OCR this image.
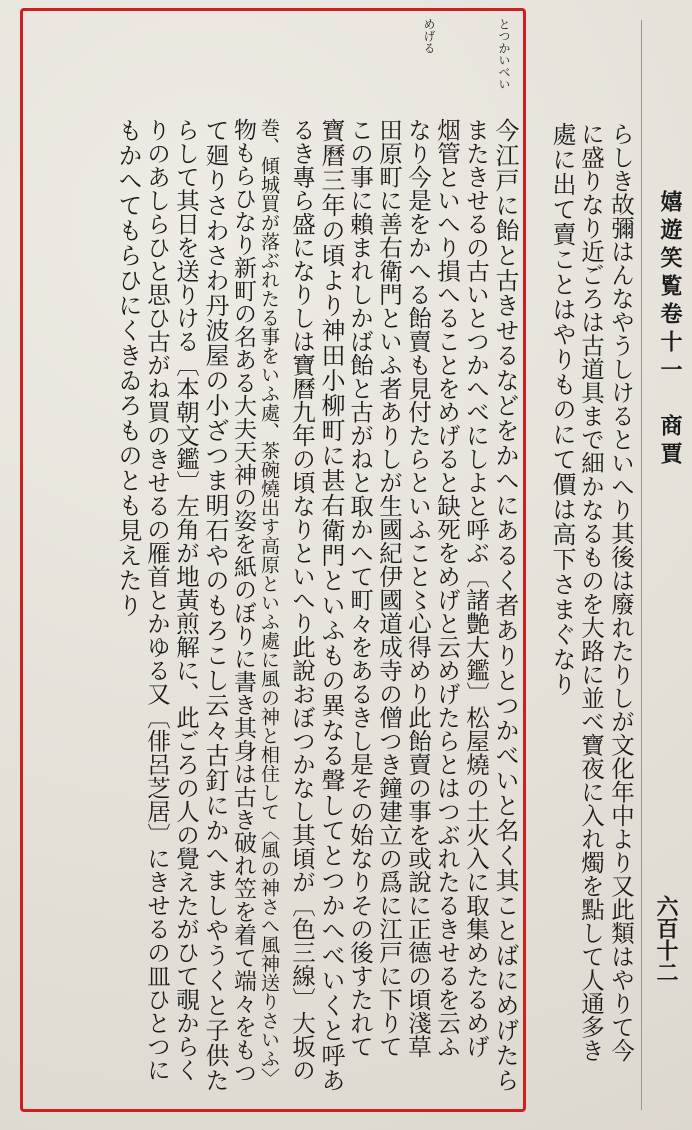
嬉遊笑覧卷十一　商賈
六百十二
とつかいべい
めげる
らしき故彌はんなやうしけるといへり其後は廢れたりしが文化年中より又此類はやりて今
に盛りなり近ごろは古道具まで細かなるものを大路に並べ寶夜に入れ燭を點して人通多き
處に出て賣ことはやりものにて價は高下さまぐなり
今江戸に飴と古きせるなどをかへにあるく者ありとつかべいと名く其ことばにめげたら
またきせるの古いとつかへべにしよと呼ぶ〔諸艶大鑑〕松屋燒の土火入に取集めたるめげ
烟管といへり損へることをめげると缺死をめげと云めげたらとはつぶれたるきせるを云ふ
なり今是をかへる飴賣も見付たらといふこと〻心得めり此飴賣の事を或說に正德の頃淺草
田原町に善右衛門といふ者ありしが生國紀伊國道成寺の僧つき鐘建立の爲に江戸に下りて
この事に賴まれしかば飴と古がねと取かへて町々をあるきし是その始なりその後すたれて
寶曆三年の頃より神田小柳町に甚右衛門といふもの異なる聲してとつかへべいくと呼あ
るき專ら盛になりしは寶曆九年の頃なりといへり此說おぼつかなし其頃が〔色三線〕大坂の
巻、傾城買が落ぶれたる事をいふ處、茶碗燒出す高原といふ處に風の神と相住して〈風の神さへ風神送りさいふ〉
物もらひなり新町の名ある大夫天神の姿を紙のぼりに書き其身は古き破れ笠を着て端々をもつ
て廻りさわさわ丹波屋の小ざつま明石やのもろこし云々古釘にかへましやうくと子供た
らして其日を送りける〔本朝文鑑〕左角が地黃煎解に、此ごろの人の覺えたがひて覗からく
りのあしらひと思ひ古がね買のきせるの雁首とかゆる又〔俳呂芝居〕にきせるの皿ひとつに
もかへてもらひにくきゐろものとも見えたり
